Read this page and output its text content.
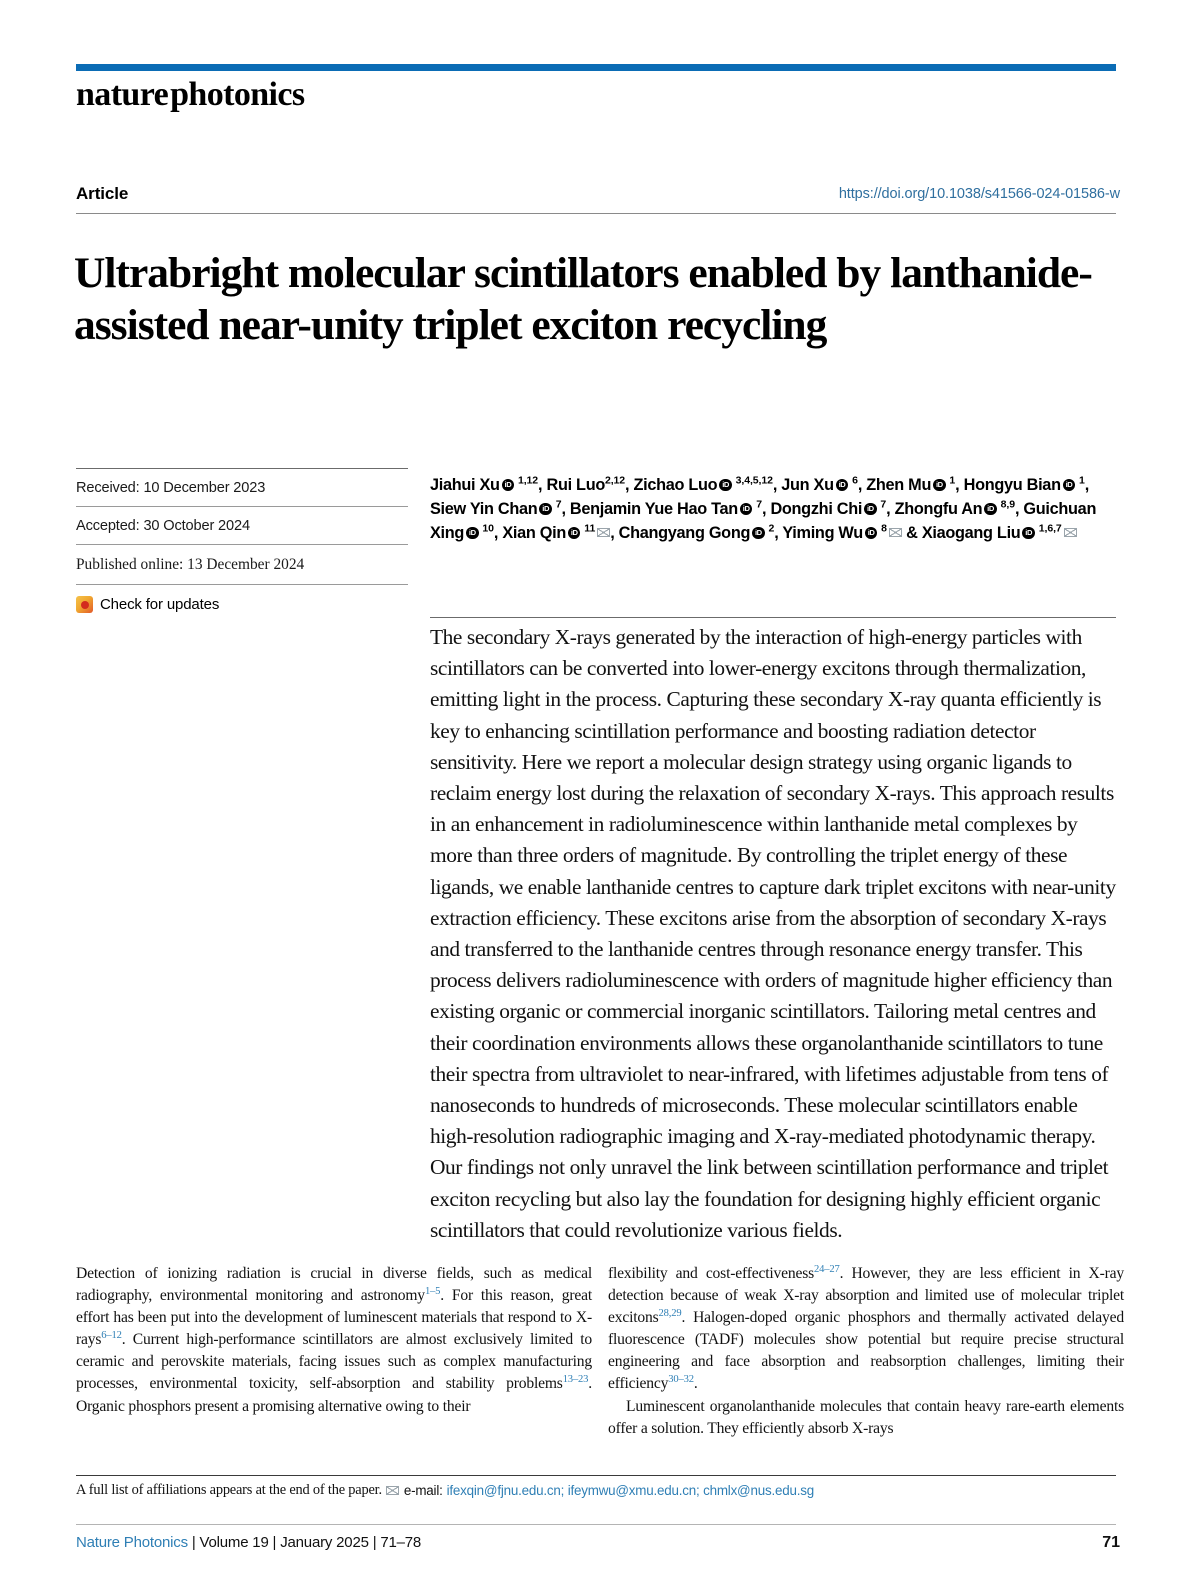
naturephotonics
Article	https://doi.org/10.1038/s41566-024-01586-w
Ultrabright molecular scintillators enabled by lanthanide-assisted near-unity triplet exciton recycling
Received: 10 December 2023
Accepted: 30 October 2024
Published online: 13 December 2024
Check for updates
Jiahui XuiD $^{1,12}$, Rui Luo$^{2,12}$, Zichao LuoiD $^{3,4,5,12}$, Jun XuiD $^6$, Zhen MuiD $^1$, Hongyu BianiD $^1$, Siew Yin ChaniD $^7$, Benjamin Yue Hao TaniD $^7$, Dongzhi ChiiD $^7$, Zhongfu AniD $^{8,9}$, Guichuan XingiD $^{10}$, Xian QiniD $^{11}$ , Changyang GongiD $^2$, Yiming WuiD $^8$ & Xiaogang LiuiD $^{1,6,7}$
The secondary X-rays generated by the interaction of high-energy particles with scintillators can be converted into lower-energy excitons through thermalization, emitting light in the process. Capturing these secondary X-ray quanta efficiently is key to enhancing scintillation performance and boosting radiation detector sensitivity. Here we report a molecular design strategy using organic ligands to reclaim energy lost during the relaxation of secondary X-rays. This approach results in an enhancement in radioluminescence within lanthanide metal complexes by more than three orders of magnitude. By controlling the triplet energy of these ligands, we enable lanthanide centres to capture dark triplet excitons with near-unity extraction efficiency. These excitons arise from the absorption of secondary X-rays and transferred to the lanthanide centres through resonance energy transfer. This process delivers radioluminescence with orders of magnitude higher efficiency than existing organic or commercial inorganic scintillators. Tailoring metal centres and their coordination environments allows these organolanthanide scintillators to tune their spectra from ultraviolet to near-infrared, with lifetimes adjustable from tens of nanoseconds to hundreds of microseconds. These molecular scintillators enable high-resolution radiographic imaging and X-ray-mediated photodynamic therapy. Our findings not only unravel the link between scintillation performance and triplet exciton recycling but also lay the foundation for designing highly efficient organic scintillators that could revolutionize various fields.

Detection of ionizing radiation is crucial in diverse fields, such as medical radiography, environmental monitoring and astronomy$^{1-5}$. For this reason, great effort has been put into the development of luminescent materials that respond to X-rays$^{6-12}$. Current high-performance scintillators are almost exclusively limited to ceramic and perovskite materials, facing issues such as complex manufacturing processes, environmental toxicity, self-absorption and stability problems$^{13-23}$. Organic phosphors present a promising alternative owing to their

flexibility and cost-effectiveness$^{24-27}$. However, they are less efficient in X-ray detection because of weak X-ray absorption and limited use of molecular triplet excitons$^{28,29}$. Halogen-doped organic phosphors and thermally activated delayed fluorescence (TADF) molecules show potential but require precise structural engineering and face absorption and reabsorption challenges, limiting their efficiency$^{30-32}$.

Luminescent organolanthanide molecules that contain heavy rare-earth elements offer a solution. They efficiently absorb X-rays

A full list of affiliations appears at the end of the paper. e-mail: ifexqin@fjnu.edu.cn; ifeymwu@xmu.edu.cn; chmlx@nus.edu.sg
Nature Photonics | Volume 19 | January 2025 | 71–78	71
